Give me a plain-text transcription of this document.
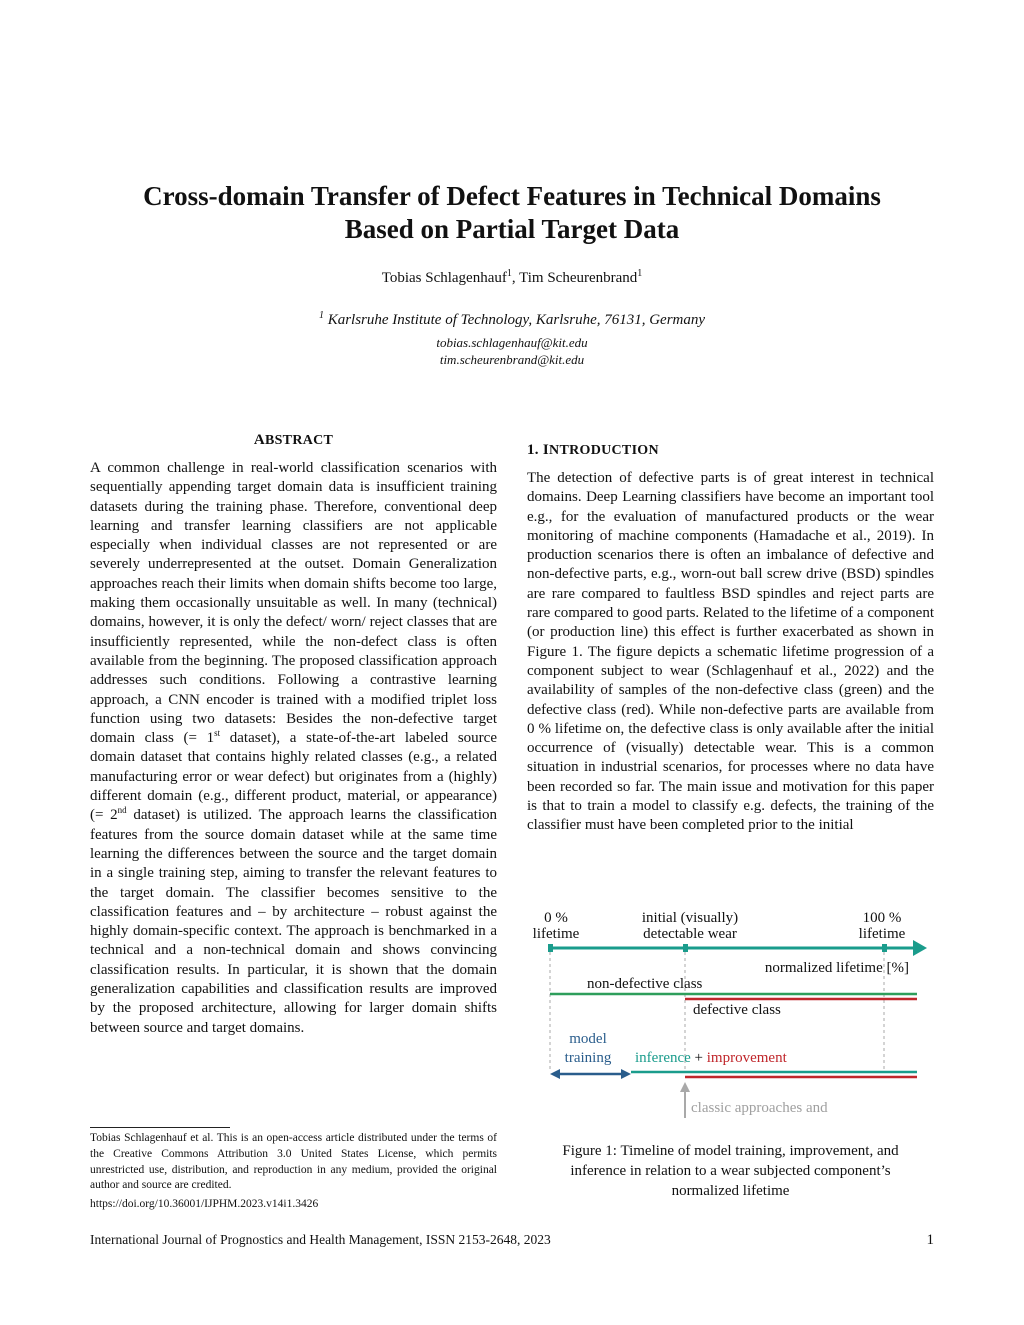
Cross-domain Transfer of Defect Features in Technical Domains
Based on Partial Target Data
Tobias Schlagenhauf$^1$, Tim Scheurenbrand$^1$
$^1$ Karlsruhe Institute of Technology, Karlsruhe, 76131, Germany
tobias.schlagenhauf@kit.edu
tim.scheurenbrand@kit.edu
ABSTRACT

A common challenge in real-world classification scenarios with sequentially appending target domain data is insufficient training datasets during the training phase. Therefore, conventional deep learning and transfer learning classifiers are not applicable especially when individual classes are not represented or are severely underrepresented at the outset. Domain Generalization approaches reach their limits when domain shifts become too large, making them occasionally unsuitable as well. In many (technical) domains, however, it is only the defect/ worn/ reject classes that are insufficiently represented, while the non-defect class is often available from the beginning. The proposed classification approach addresses such conditions. Following a contrastive learning approach, a CNN encoder is trained with a modified triplet loss function using two datasets: Besides the non-defective target domain class (= 1st dataset), a state-of-the-art labeled source domain dataset that contains highly related classes (e.g., a related manufacturing error or wear defect) but originates from a (highly) different domain (e.g., different product, material, or appearance) (= 2nd dataset) is utilized. The approach learns the classification features from the source domain dataset while at the same time learning the differences between the source and the target domain in a single training step, aiming to transfer the relevant features to the target domain. The classifier becomes sensitive to the classification features and – by architecture – robust against the highly domain-specific context. The approach is benchmarked in a technical and a non-technical domain and shows convincing classification results. In particular, it is shown that the domain generalization capabilities and classification results are improved by the proposed architecture, allowing for larger domain shifts between source and target domains.

Tobias Schlagenhauf et al. This is an open-access article distributed under the terms of the Creative Commons Attribution 3.0 United States License, which permits unrestricted use, distribution, and reproduction in any medium, provided the original author and source are credited.

https://doi.org/10.36001/IJPHM.2023.v14i1.3426
1. INTRODUCTION

The detection of defective parts is of great interest in technical domains. Deep Learning classifiers have become an important tool e.g., for the evaluation of manufactured products or the wear monitoring of machine components (Hamadache et al., 2019). In production scenarios there is often an imbalance of defective and non-defective parts, e.g., worn-out ball screw drive (BSD) spindles are rare compared to faultless BSD spindles and reject parts are rare compared to good parts. Related to the lifetime of a component (or production line) this effect is further exacerbated as shown in Figure 1. The figure depicts a schematic lifetime progression of a component subject to wear (Schlagenhauf et al., 2022) and the availability of samples of the non-defective class (green) and the defective class (red). While non-defective parts are available from 0 % lifetime on, the defective class is only available after the initial occurrence of (visually) detectable wear. This is a common situation in industrial scenarios, for processes where no data have been recorded so far. The main issue and motivation for this paper is that to train a model to classify e.g. defects, the training of the classifier must have been completed prior to the initial

0 %
lifetime
initial (visually)
detectable wear
100 %
lifetime
normalized lifetime [%]
non-defective class
defective class
model
training inference + improvement
classic approaches and

Figure 1: Timeline of model training, improvement, and
inference in relation to a wear subjected component’s
normalized lifetime

International Journal of Prognostics and Health Management, ISSN 2153-2648, 2023	1
